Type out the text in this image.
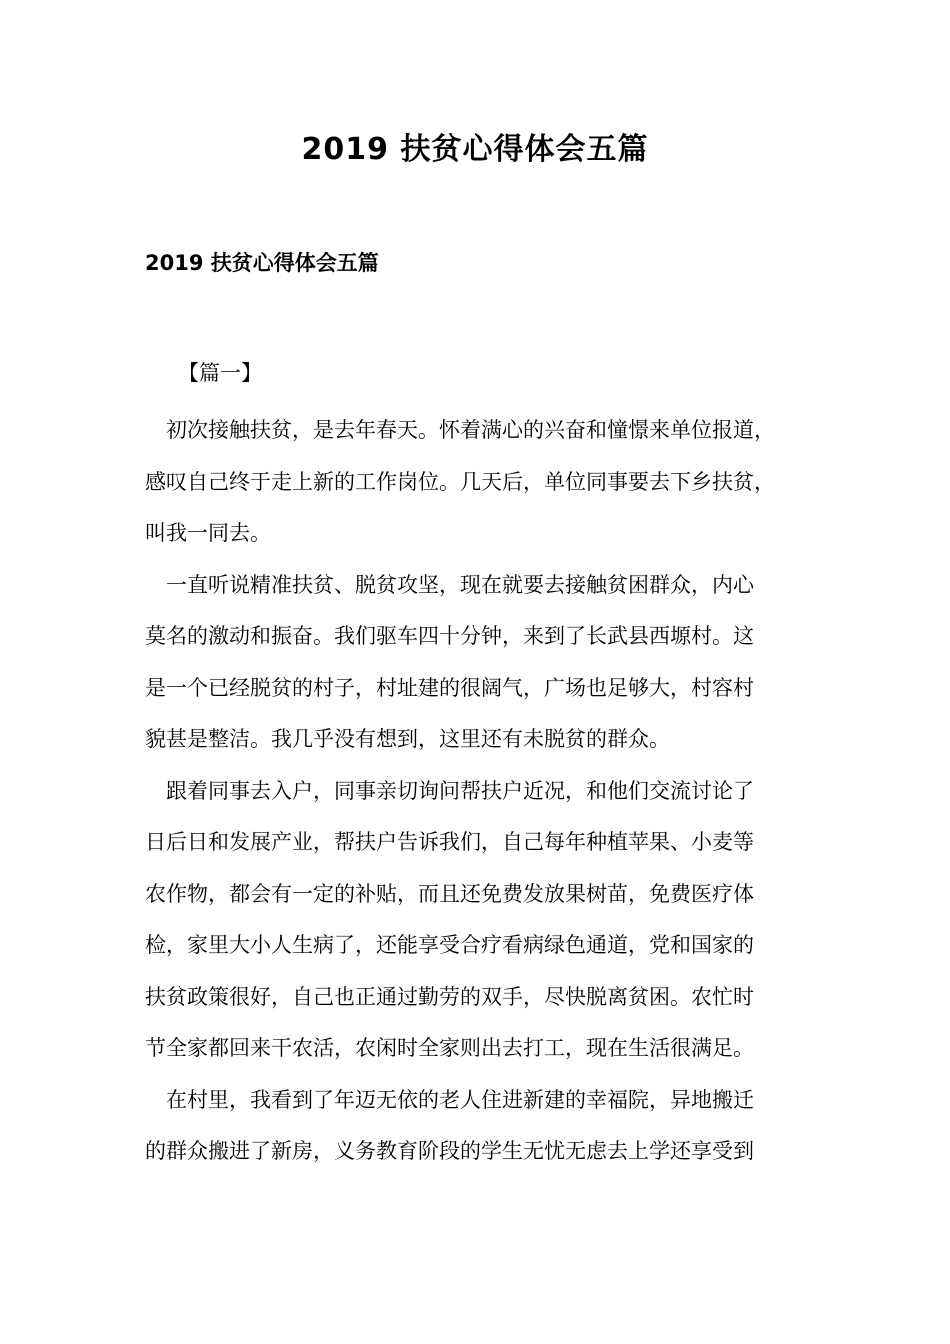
2019 扶贫心得体会五篇
2019 扶贫心得体会五篇
【篇一】
　初次接触扶贫，是去年春天。怀着满心的兴奋和憧憬来单位报道，
感叹自己终于走上新的工作岗位。几天后，单位同事要去下乡扶贫，
叫我一同去。
　一直听说精准扶贫、脱贫攻坚，现在就要去接触贫困群众，内心
莫名的激动和振奋。我们驱车四十分钟，来到了长武县西塬村。这
是一个已经脱贫的村子，村址建的很阔气，广场也足够大，村容村
貌甚是整洁。我几乎没有想到，这里还有未脱贫的群众。
　跟着同事去入户，同事亲切询问帮扶户近况，和他们交流讨论了
日后日和发展产业，帮扶户告诉我们，自己每年种植苹果、小麦等
农作物，都会有一定的补贴，而且还免费发放果树苗，免费医疗体
检，家里大小人生病了，还能享受合疗看病绿色通道，党和国家的
扶贫政策很好，自己也正通过勤劳的双手，尽快脱离贫困。农忙时
节全家都回来干农活，农闲时全家则出去打工，现在生活很满足。
　在村里，我看到了年迈无依的老人住进新建的幸福院，异地搬迁
的群众搬进了新房，义务教育阶段的学生无忧无虑去上学还享受到
